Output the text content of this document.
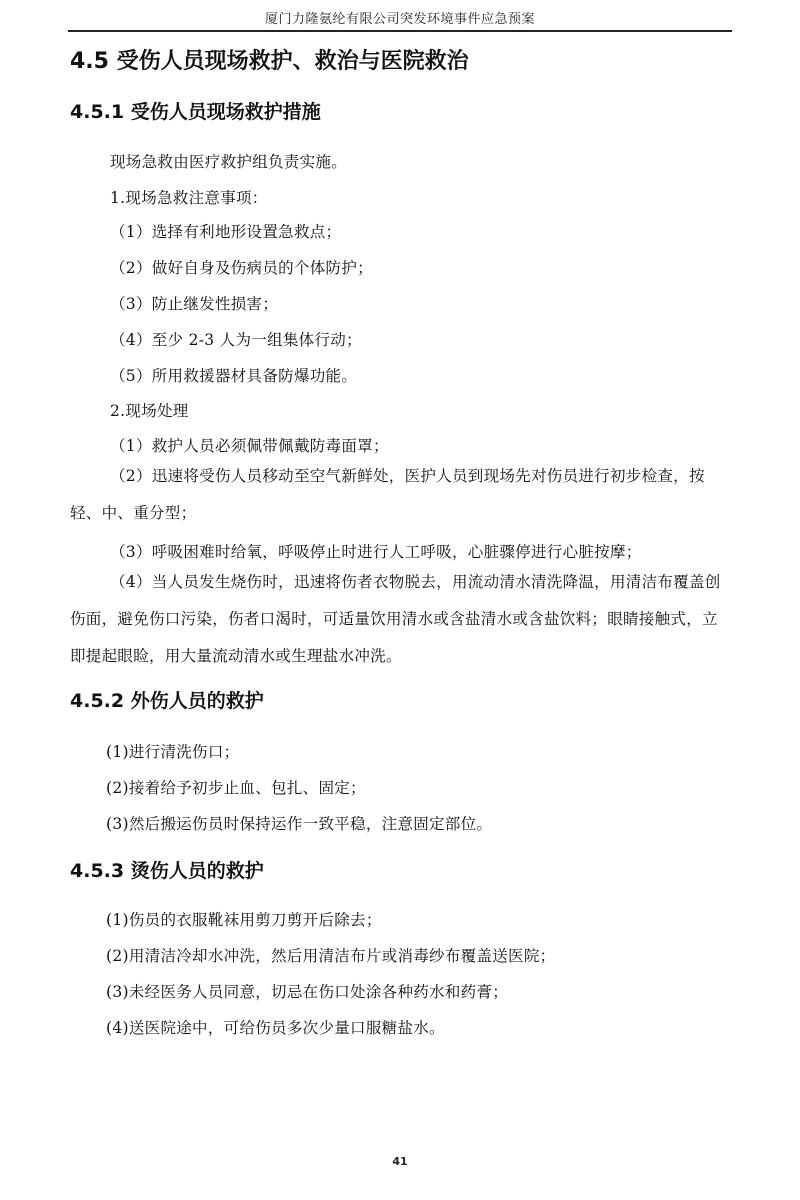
厦门力隆氨纶有限公司突发环境事件应急预案
4.5 受伤人员现场救护、救治与医院救治
4.5.1 受伤人员现场救护措施
现场急救由医疗救护组负责实施。
1.现场急救注意事项：
（1）选择有利地形设置急救点；
（2）做好自身及伤病员的个体防护；
（3）防止继发性损害；
（4）至少 2-3 人为一组集体行动；
（5）所用救援器材具备防爆功能。
2.现场处理
（1）救护人员必须佩带佩戴防毒面罩；

（2）迅速将受伤人员移动至空气新鲜处，医护人员到现场先对伤员进行初步检查，按轻、中、重分型；

（3）呼吸困难时给氧，呼吸停止时进行人工呼吸，心脏骤停进行心脏按摩；

（4）当人员发生烧伤时，迅速将伤者衣物脱去，用流动清水清洗降温，用清洁布覆盖创伤面，避免伤口污染，伤者口渴时，可适量饮用清水或含盐清水或含盐饮料；眼睛接触式，立即提起眼睑，用大量流动清水或生理盐水冲洗。

4.5.2 外伤人员的救护
(1)进行清洗伤口；
(2)接着给予初步止血、包扎、固定；
(3)然后搬运伤员时保持运作一致平稳，注意固定部位。
4.5.3 烫伤人员的救护
(1)伤员的衣服靴袜用剪刀剪开后除去；
(2)用清洁冷却水冲洗，然后用清洁布片或消毒纱布覆盖送医院；
(3)未经医务人员同意，切忌在伤口处涂各种药水和药膏；
(4)送医院途中，可给伤员多次少量口服糖盐水。
41
